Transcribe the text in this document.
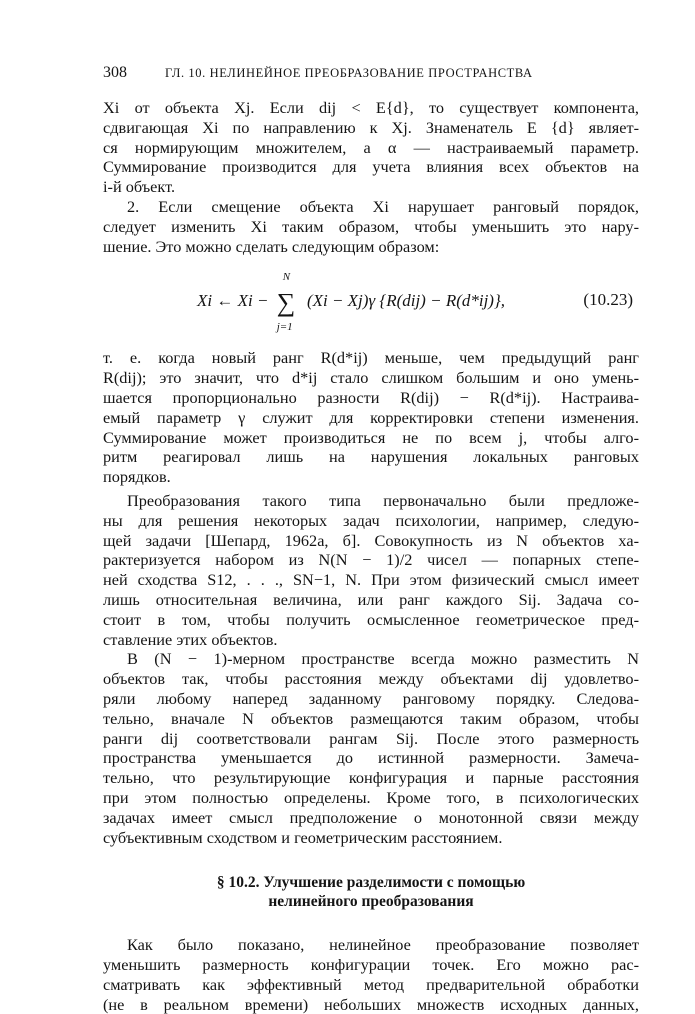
308	ГЛ. 10. НЕЛИНЕЙНОЕ ПРЕОБРАЗОВАНИЕ ПРОСТРАНСТВА
Xi от объекта Xj. Если dij < E{d}, то существует компонента,
сдвигающая Xi по направлению к Xj. Знаменатель E {d} являет-
ся нормирующим множителем, а α — настраиваемый параметр.
Суммирование производится для учета влияния всех объектов на
i-й объект.
2. Если смещение объекта Xi нарушает ранговый порядок,
следует изменить Xi таким образом, чтобы уменьшить это нару-
шение. Это можно сделать следующим образом:
Xi ← Xi −
N
∑
j=1
(Xi − Xj)γ {R(dij) − R(d*ij)},	(10.23)
т. е. когда новый ранг R(d*ij) меньше, чем предыдущий ранг
R(dij); это значит, что d*ij стало слишком большим и оно умень-
шается пропорционально разности R(dij) − R(d*ij). Настраива-
емый параметр γ служит для корректировки степени изменения.
Суммирование может производиться не по всем j, чтобы алго-
ритм реагировал лишь на нарушения локальных ранговых
порядков.
Преобразования такого типа первоначально были предложе-
ны для решения некоторых задач психологии, например, следую-
щей задачи [Шепард, 1962а, б]. Совокупность из N объектов ха-
рактеризуется набором из N(N − 1)/2 чисел — попарных степе-
ней сходства S12, . . ., SN−1, N. При этом физический смысл имеет
лишь относительная величина, или ранг каждого Sij. Задача со-
стоит в том, чтобы получить осмысленное геометрическое пред-
ставление этих объектов.
В (N − 1)-мерном пространстве всегда можно разместить N
объектов так, чтобы расстояния между объектами dij удовлетво-
ряли любому наперед заданному ранговому порядку. Следова-
тельно, вначале N объектов размещаются таким образом, чтобы
ранги dij соответствовали рангам Sij. После этого размерность
пространства уменьшается до истинной размерности. Замеча-
тельно, что результирующие конфигурация и парные расстояния
при этом полностью определены. Кроме того, в психологических
задачах имеет смысл предположение о монотонной связи между
субъективным сходством и геометрическим расстоянием.
§ 10.2. Улучшение разделимости с помощью
нелинейного преобразования
Как было показано, нелинейное преобразование позволяет
уменьшить размерность конфигурации точек. Его можно рас-
сматривать как эффективный метод предварительной обработки
(не в реальном времени) небольших множеств исходных данных,
